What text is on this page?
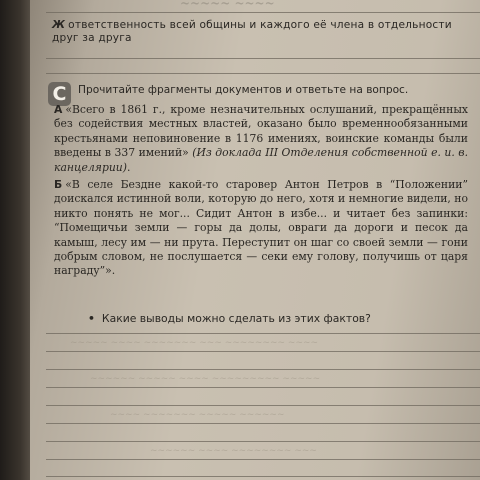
~~~~~ ~~~~
Ж ответственность всей общины и каждого её члена в отдельности друг за друга
С Прочитайте фрагменты документов и ответьте на вопрос.
А «Всего в 1861 г., кроме незначительных ослушаний, прекращённых без содействия местных властей, оказано было временнообязанными крестьянами неповиновение в 1176 имениях, воинские команды были введены в 337 имений» (Из доклада III Отделения собственной е. и. в. канцелярии).
Б «В селе Бездне какой-то старовер Антон Петров в “Положении” доискался истинной воли, которую до него, хотя и немногие видели, но никто понять не мог... Сидит Антон в избе... и читает без запинки: “Помещичьи земли — горы да долы, овраги да дороги и песок да камыш, лесу им — ни прута. Переступит он шаг со своей земли — гони добрым словом, не послушается — секи ему голову, получишь от царя награду”».
• Какие выводы можно сделать из этих фактов?
~~~~~ ~~~~ ~~~~~~~ ~~~ ~~~~~~~~ ~~~~
~~~~~~ ~~~~~ ~~~~ ~~~~~~~~~ ~~~~~
~~~~ ~~~~~~~ ~~~~~ ~~~~~~
~~~~~~ ~~~~ ~~~~~~~~ ~~~
